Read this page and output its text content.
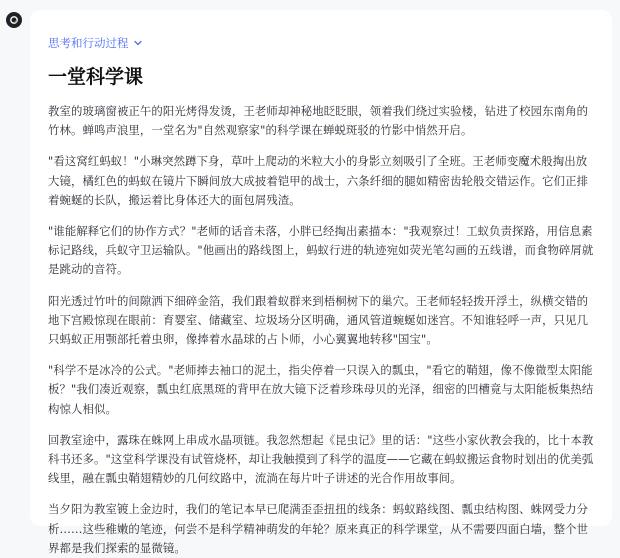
思考和行动过程
一堂科学课

教室的玻璃窗被正午的阳光烤得发烫，王老师却神秘地眨眨眼，领着我们绕过实验楼，钻进了校园东南角的竹林。蝉鸣声浪里，一堂名为"自然观察家"的科学课在蝉蜕斑驳的竹影中悄然开启。

"看这窝红蚂蚁！"小琳突然蹲下身，草叶上爬动的米粒大小的身影立刻吸引了全班。王老师变魔术般掏出放大镜，橘红色的蚂蚁在镜片下瞬间放大成披着铠甲的战士，六条纤细的腿如精密齿轮般交错运作。它们正排着蜿蜒的长队，搬运着比身体还大的面包屑残渣。

"谁能解释它们的协作方式？"老师的话音未落，小胖已经掏出素描本："我观察过！工蚁负责探路，用信息素标记路线，兵蚁守卫运输队。"他画出的路线图上，蚂蚁行进的轨迹宛如荧光笔勾画的五线谱，而食物碎屑就是跳动的音符。

阳光透过竹叶的间隙洒下细碎金箔，我们跟着蚁群来到梧桐树下的巢穴。王老师轻轻拨开浮土，纵横交错的地下宫殿惊现在眼前：育婴室、储藏室、垃圾场分区明确，通风管道蜿蜒如迷宫。不知谁轻呼一声，只见几只蚂蚁正用颚部托着虫卵，像捧着水晶球的占卜师，小心翼翼地转移"国宝"。

"科学不是冰冷的公式。"老师捧去袖口的泥土，指尖停着一只误入的瓢虫，"看它的鞘翅，像不像微型太阳能板？"我们凑近观察，瓢虫红底黑斑的背甲在放大镜下泛着珍珠母贝的光泽，细密的凹槽竟与太阳能板集热结构惊人相似。

回教室途中，露珠在蛛网上串成水晶项链。我忽然想起《昆虫记》里的话："这些小家伙教会我的，比十本教科书还多。"这堂科学课没有试管烧杯，却让我触摸到了科学的温度——它藏在蚂蚁搬运食物时划出的优美弧线里，融在瓢虫鞘翅精妙的几何纹路中，流淌在每片叶子讲述的光合作用故事间。

当夕阳为教室镀上金边时，我们的笔记本早已爬满歪歪扭扭的线条：蚂蚁路线图、瓢虫结构图、蛛网受力分析……这些稚嫩的笔迹，何尝不是科学精神萌发的年轮？原来真正的科学课堂，从不需要四面白墙，整个世界都是我们探索的显微镜。
